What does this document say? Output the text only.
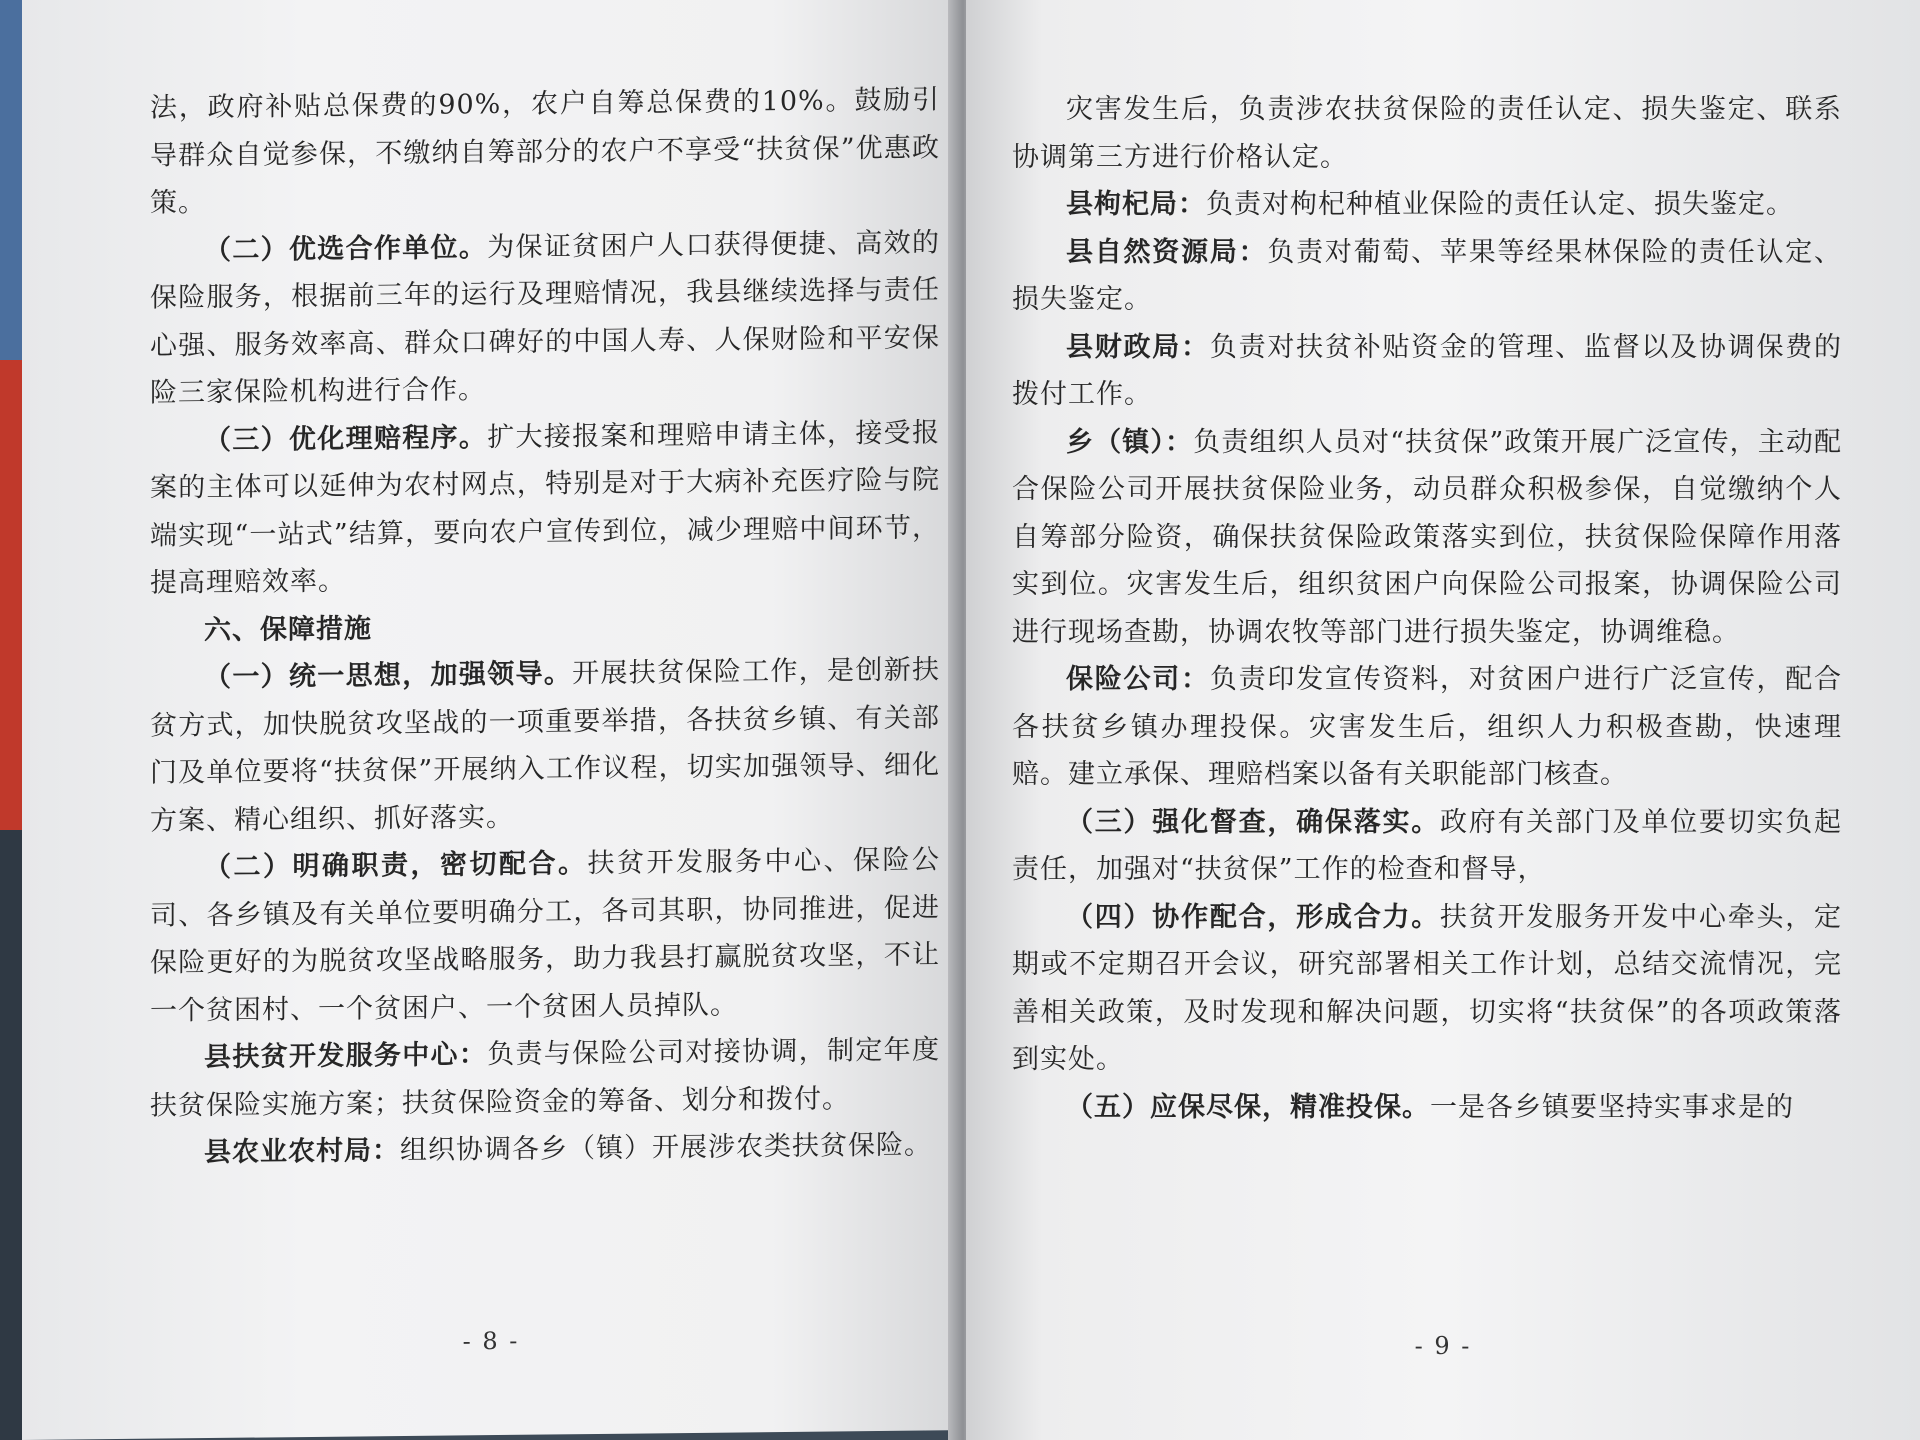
法，政府补贴总保费的90%，农户自筹总保费的10%。鼓励引导群众自觉参保，不缴纳自筹部分的农户不享受“扶贫保”优惠政策。

（二）优选合作单位。为保证贫困户人口获得便捷、高效的保险服务，根据前三年的运行及理赔情况，我县继续选择与责任心强、服务效率高、群众口碑好的中国人寿、人保财险和平安保险三家保险机构进行合作。

（三）优化理赔程序。扩大接报案和理赔申请主体，接受报案的主体可以延伸为农村网点，特别是对于大病补充医疗险与院端实现“一站式”结算，要向农户宣传到位，减少理赔中间环节，提高理赔效率。

六、保障措施

（一）统一思想，加强领导。开展扶贫保险工作，是创新扶贫方式，加快脱贫攻坚战的一项重要举措，各扶贫乡镇、有关部门及单位要将“扶贫保”开展纳入工作议程，切实加强领导、细化方案、精心组织、抓好落实。

（二）明确职责，密切配合。扶贫开发服务中心、保险公司、各乡镇及有关单位要明确分工，各司其职，协同推进，促进保险更好的为脱贫攻坚战略服务，助力我县打赢脱贫攻坚，不让一个贫困村、一个贫困户、一个贫困人员掉队。

县扶贫开发服务中心：负责与保险公司对接协调，制定年度扶贫保险实施方案；扶贫保险资金的筹备、划分和拨付。

县农业农村局：组织协调各乡（镇）开展涉农类扶贫保险。

- 8 -

灾害发生后，负责涉农扶贫保险的责任认定、损失鉴定、联系协调第三方进行价格认定。

县枸杞局：负责对枸杞种植业保险的责任认定、损失鉴定。

县自然资源局：负责对葡萄、苹果等经果林保险的责任认定、损失鉴定。

县财政局：负责对扶贫补贴资金的管理、监督以及协调保费的拨付工作。

乡（镇）：负责组织人员对“扶贫保”政策开展广泛宣传，主动配合保险公司开展扶贫保险业务，动员群众积极参保，自觉缴纳个人自筹部分险资，确保扶贫保险政策落实到位，扶贫保险保障作用落实到位。灾害发生后，组织贫困户向保险公司报案，协调保险公司进行现场查勘，协调农牧等部门进行损失鉴定，协调维稳。

保险公司：负责印发宣传资料，对贫困户进行广泛宣传，配合各扶贫乡镇办理投保。灾害发生后，组织人力积极查勘，快速理赔。建立承保、理赔档案以备有关职能部门核查。

（三）强化督查，确保落实。政府有关部门及单位要切实负起责任，加强对“扶贫保”工作的检查和督导，

（四）协作配合，形成合力。扶贫开发服务开发中心牵头，定期或不定期召开会议，研究部署相关工作计划，总结交流情况，完善相关政策，及时发现和解决问题，切实将“扶贫保”的各项政策落到实处。

（五）应保尽保，精准投保。一是各乡镇要坚持实事求是的

- 9 -
